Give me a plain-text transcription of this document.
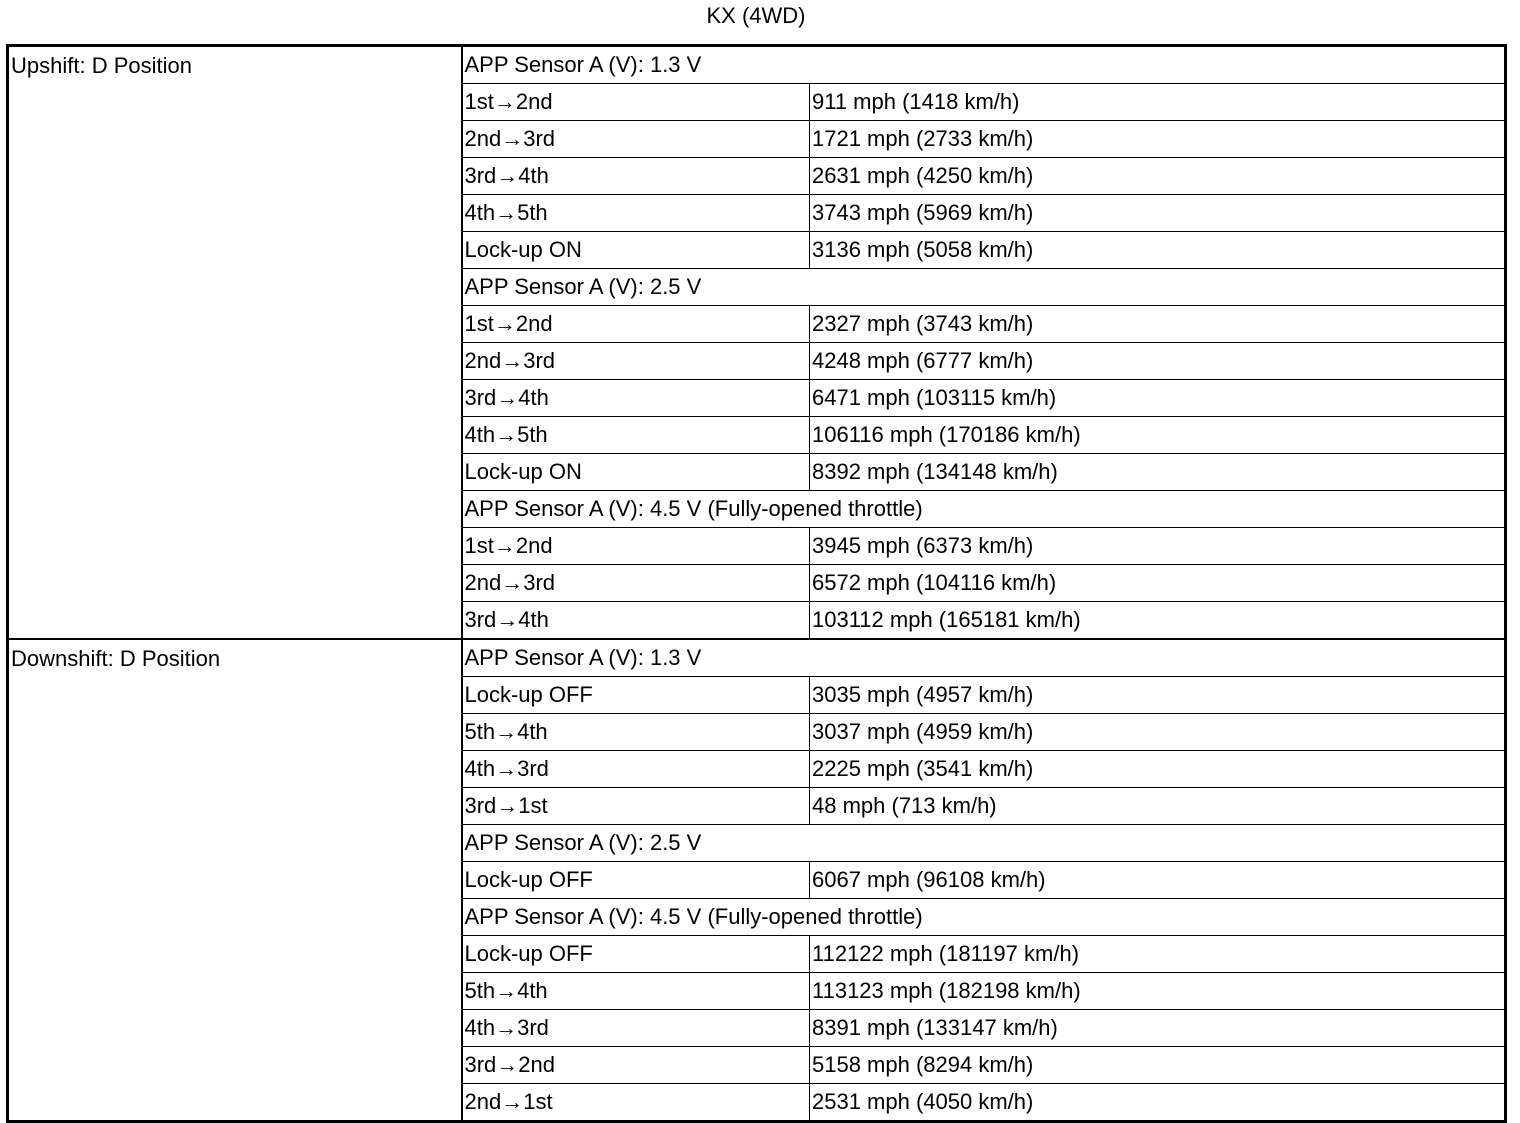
KX (4WD)
Upshift: D Position	APP Sensor A (V): 1.3 V	
	1st→2nd	911 mph (1418 km/h)
	2nd→3rd	1721 mph (2733 km/h)
	3rd→4th	2631 mph (4250 km/h)
	4th→5th	3743 mph (5969 km/h)
	Lock-up ON	3136 mph (5058 km/h)
	APP Sensor A (V): 2.5 V	
	1st→2nd	2327 mph (3743 km/h)
	2nd→3rd	4248 mph (6777 km/h)
	3rd→4th	6471 mph (103115 km/h)
	4th→5th	106116 mph (170186 km/h)
	Lock-up ON	8392 mph (134148 km/h)
	APP Sensor A (V): 4.5 V (Fully-opened throttle)	
	1st→2nd	3945 mph (6373 km/h)
	2nd→3rd	6572 mph (104116 km/h)
	3rd→4th	103112 mph (165181 km/h)
Downshift: D Position	APP Sensor A (V): 1.3 V	
	Lock-up OFF	3035 mph (4957 km/h)
	5th→4th	3037 mph (4959 km/h)
	4th→3rd	2225 mph (3541 km/h)
	3rd→1st	48 mph (713 km/h)
	APP Sensor A (V): 2.5 V	
	Lock-up OFF	6067 mph (96108 km/h)
	APP Sensor A (V): 4.5 V (Fully-opened throttle)	
	Lock-up OFF	112122 mph (181197 km/h)
	5th→4th	113123 mph (182198 km/h)
	4th→3rd	8391 mph (133147 km/h)
	3rd→2nd	5158 mph (8294 km/h)
	2nd→1st	2531 mph (4050 km/h)
